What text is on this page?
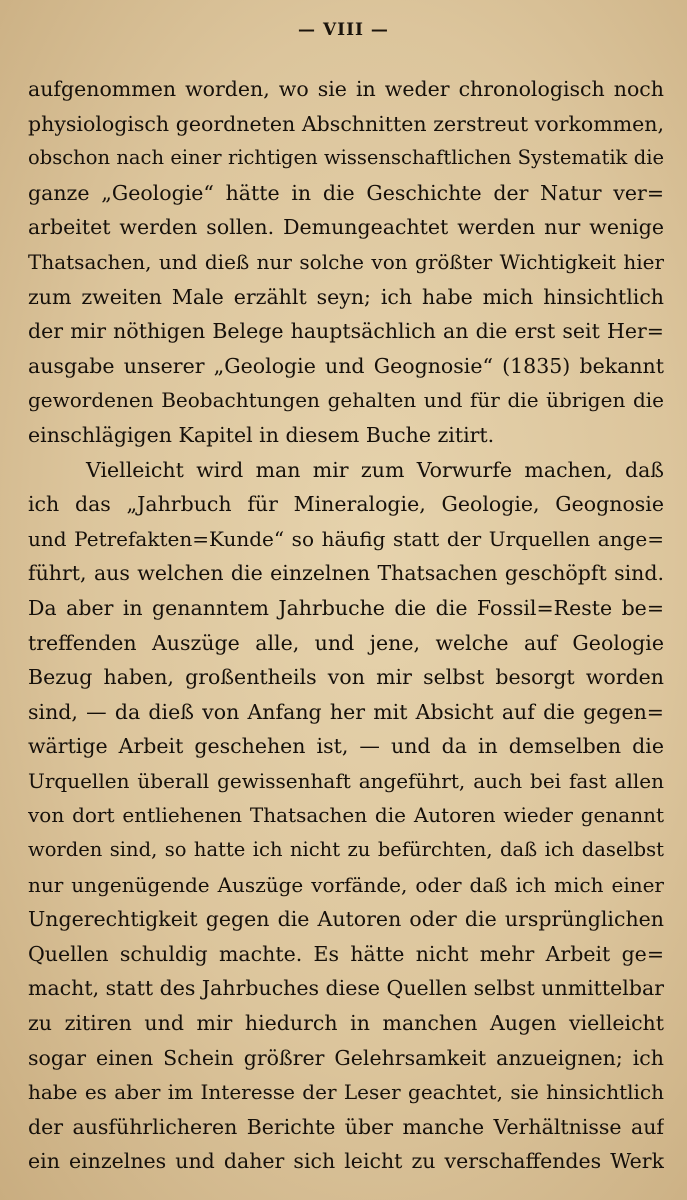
— VIII —
aufgenommen worden, wo sie in weder chronologisch noch
physiologisch geordneten Abschnitten zerstreut vorkommen,
obschon nach einer richtigen wissenschaftlichen Systematik die
ganze „Geologie“ hätte in die Geschichte der Natur ver=
arbeitet werden sollen. Demungeachtet werden nur wenige
Thatsachen, und dieß nur solche von größter Wichtigkeit hier
zum zweiten Male erzählt seyn; ich habe mich hinsichtlich
der mir nöthigen Belege hauptsächlich an die erst seit Her=
ausgabe unserer „Geologie und Geognosie“ (1835) bekannt
gewordenen Beobachtungen gehalten und für die übrigen die
einschlägigen Kapitel in diesem Buche zitirt.
Vielleicht wird man mir zum Vorwurfe machen, daß
ich das „Jahrbuch für Mineralogie, Geologie, Geognosie
und Petrefakten=Kunde“ so häufig statt der Urquellen ange=
führt, aus welchen die einzelnen Thatsachen geschöpft sind.
Da aber in genanntem Jahrbuche die die Fossil=Reste be=
treffenden Auszüge alle, und jene, welche auf Geologie
Bezug haben, großentheils von mir selbst besorgt worden
sind, — da dieß von Anfang her mit Absicht auf die gegen=
wärtige Arbeit geschehen ist, — und da in demselben die
Urquellen überall gewissenhaft angeführt, auch bei fast allen
von dort entliehenen Thatsachen die Autoren wieder genannt
worden sind, so hatte ich nicht zu befürchten, daß ich daselbst
nur ungenügende Auszüge vorfände, oder daß ich mich einer
Ungerechtigkeit gegen die Autoren oder die ursprünglichen
Quellen schuldig machte. Es hätte nicht mehr Arbeit ge=
macht, statt des Jahrbuches diese Quellen selbst unmittelbar
zu zitiren und mir hiedurch in manchen Augen vielleicht
sogar einen Schein größrer Gelehrsamkeit anzueignen; ich
habe es aber im Interesse der Leser geachtet, sie hinsichtlich
der ausführlicheren Berichte über manche Verhältnisse auf
ein einzelnes und daher sich leicht zu verschaffendes Werk
